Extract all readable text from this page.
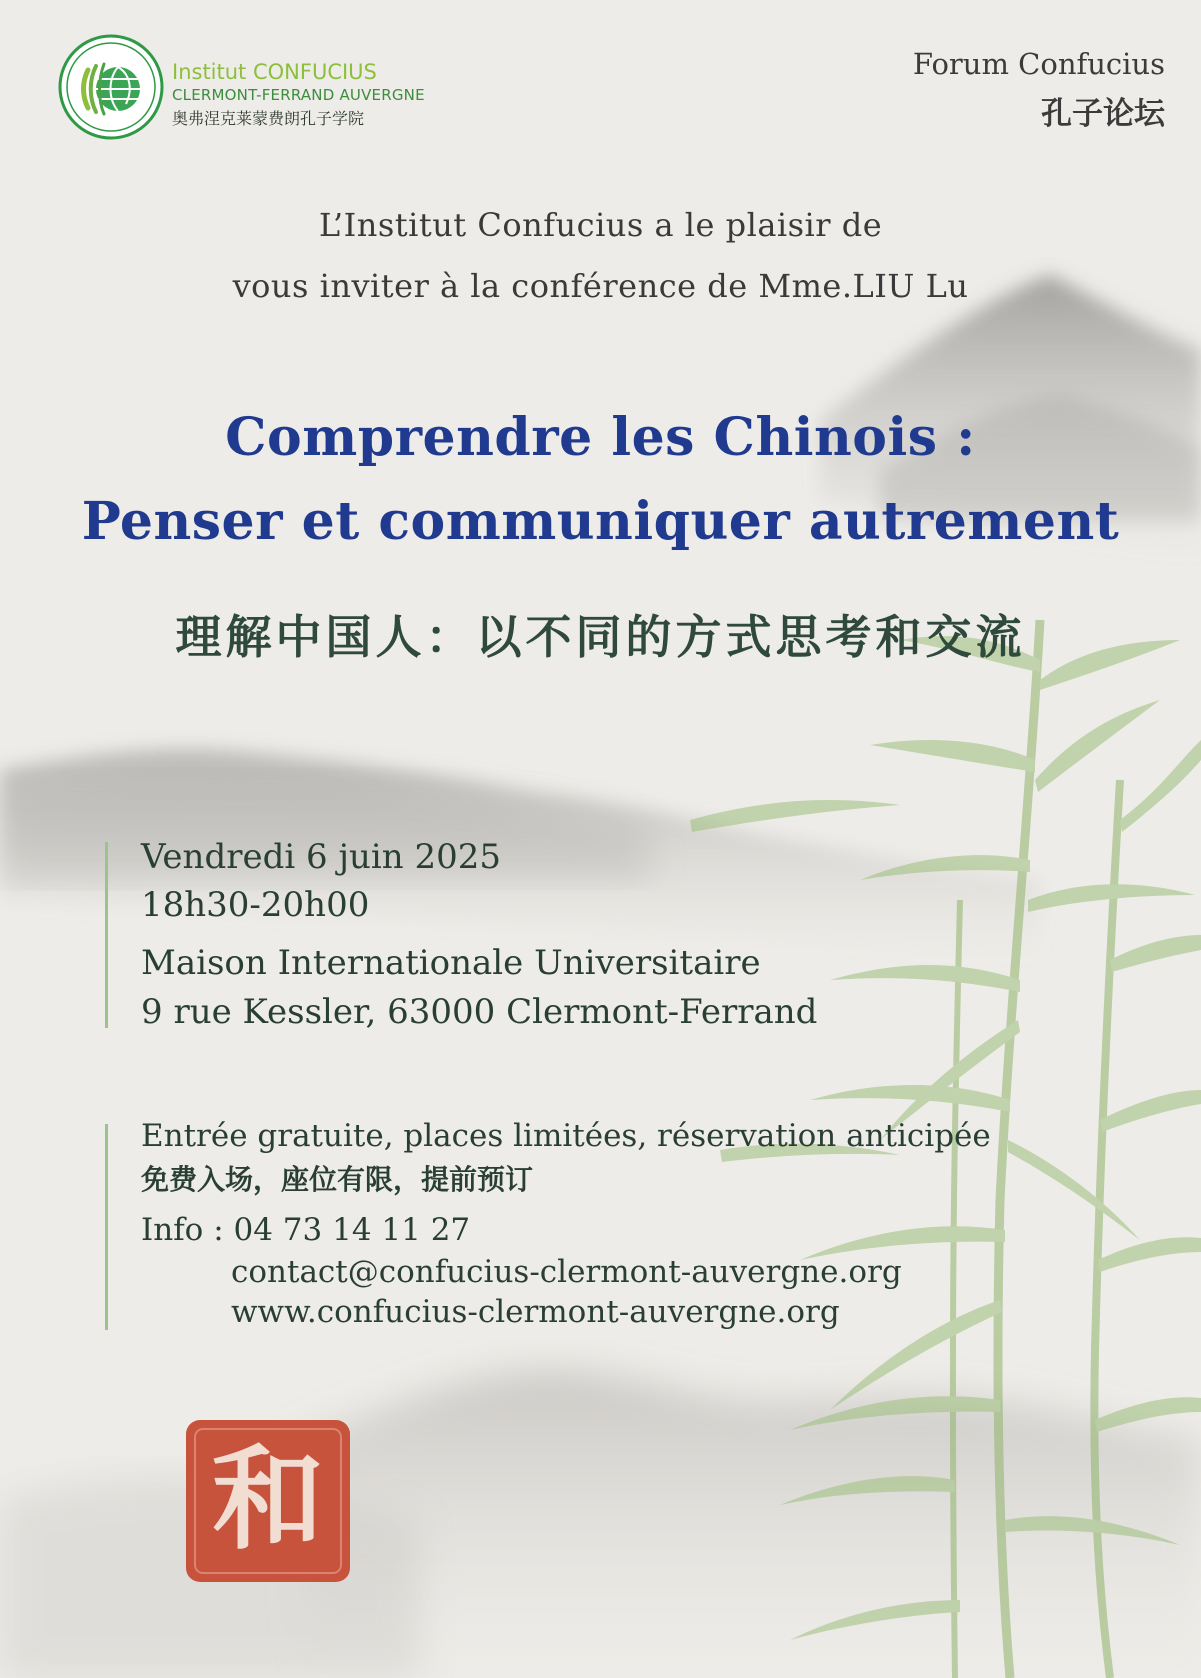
Institut CONFUCIUS
CLERMONT-FERRAND AUVERGNE
奥弗涅克莱蒙费朗孔子学院

Forum Confucius

孔子论坛

L’Institut Confucius a le plaisir de

vous inviter à la conférence de Mme.LIU Lu

Comprendre les Chinois :
Penser et communiquer autrement
理解中国人：以不同的方式思考和交流

Vendredi 6 juin 2025

18h30-20h00

Maison Internationale Universitaire

9 rue Kessler, 63000 Clermont-Ferrand

Entrée gratuite, places limitées, réservation anticipée

免费入场，座位有限，提前预订

Info : 04 73 14 11 27

contact@confucius-clermont-auvergne.org

www.confucius-clermont-auvergne.org

和
